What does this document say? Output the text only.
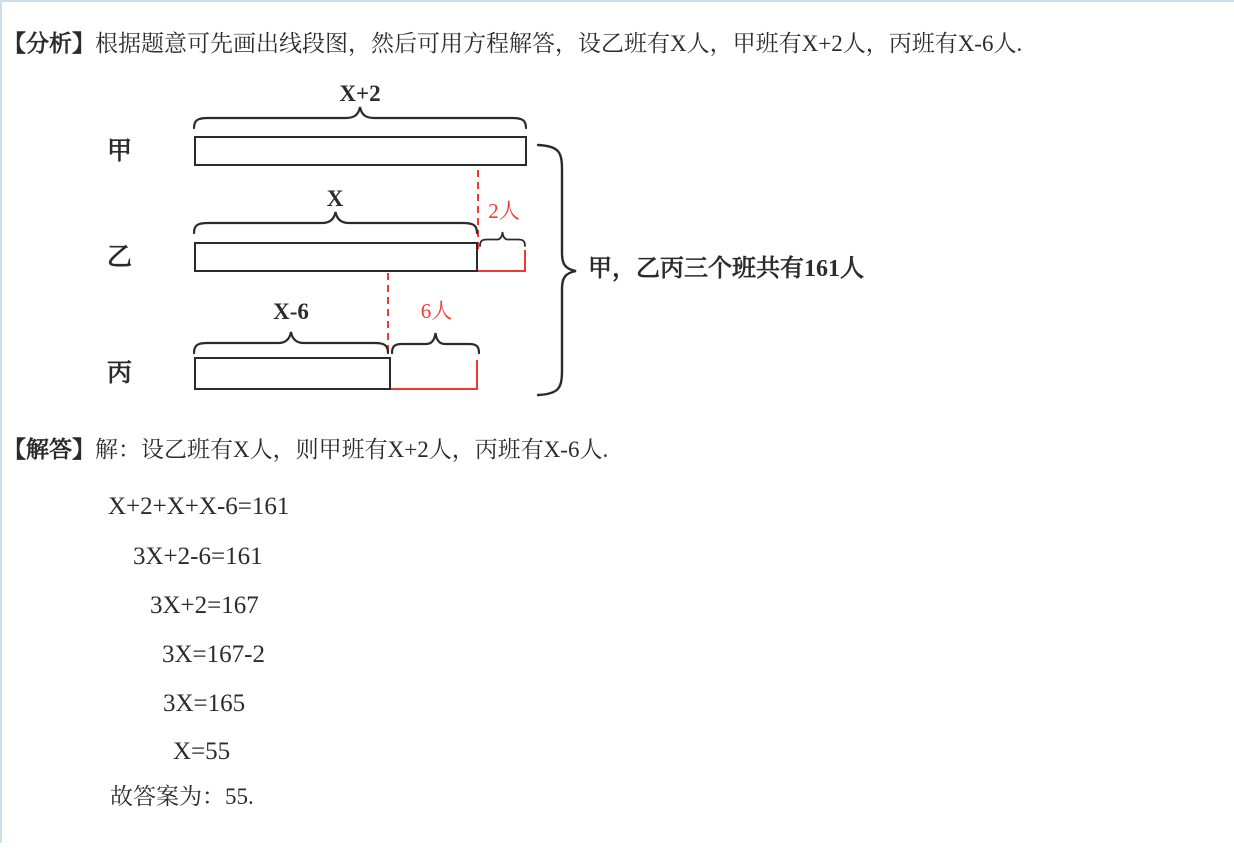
【分析】根据题意可先画出线段图，然后可用方程解答，设乙班有X人，甲班有X+2人，丙班有X-6人.
X+2
甲
X	2人
乙
X-6	6人
丙
甲，乙丙三个班共有161人
【解答】解：设乙班有X人，则甲班有X+2人，丙班有X-6人.
X+2+X+X-6=161
3X+2-6=161
3X+2=167
3X=167-2
3X=165
X=55
故答案为：55.
